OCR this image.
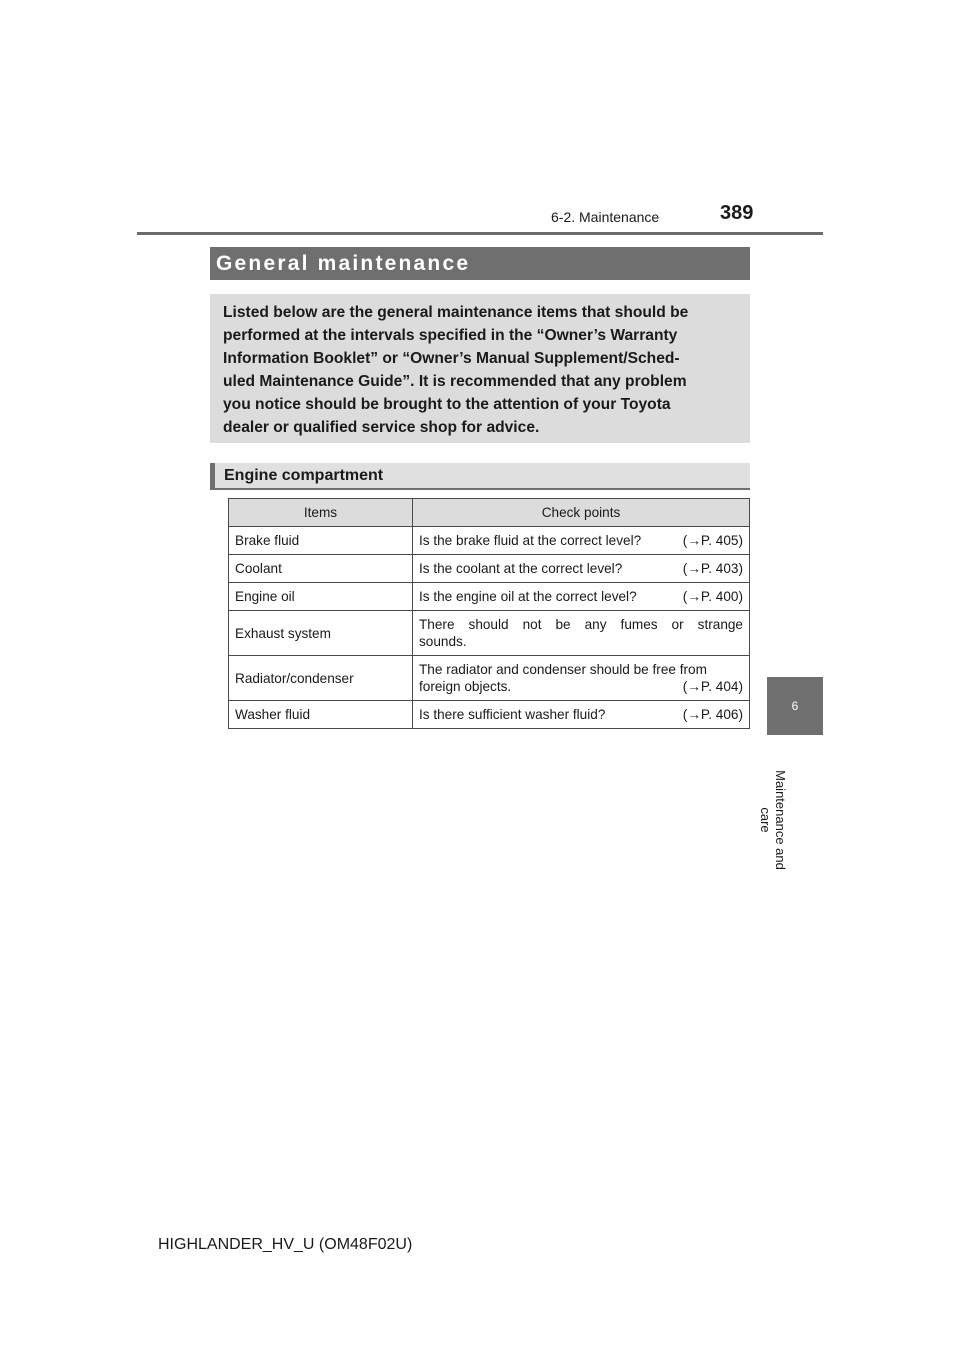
6-2. Maintenance	389
General maintenance
Listed below are the general maintenance items that should be
performed at the intervals specified in the “Owner’s Warranty
Information Booklet” or “Owner’s Manual Supplement/Sched-
uled Maintenance Guide”. It is recommended that any problem
you notice should be brought to the attention of your Toyota
dealer or qualified service shop for advice.
Engine compartment
Items	Check points
Brake fluid	Is the brake fluid at the correct level? (→P. 405)

Coolant	Is the coolant at the correct level? (→P. 403)

Engine oil	Is the engine oil at the correct level? (→P. 400)

Exhaust system	There should not be any fumes or strange
sounds.

Radiator/condenser	The radiator and condenser should be free from
foreign objects. (→P. 404)

Washer fluid	Is there sufficient washer fluid? (→P. 406)
6
Maintenance and care
HIGHLANDER_HV_U (OM48F02U)
